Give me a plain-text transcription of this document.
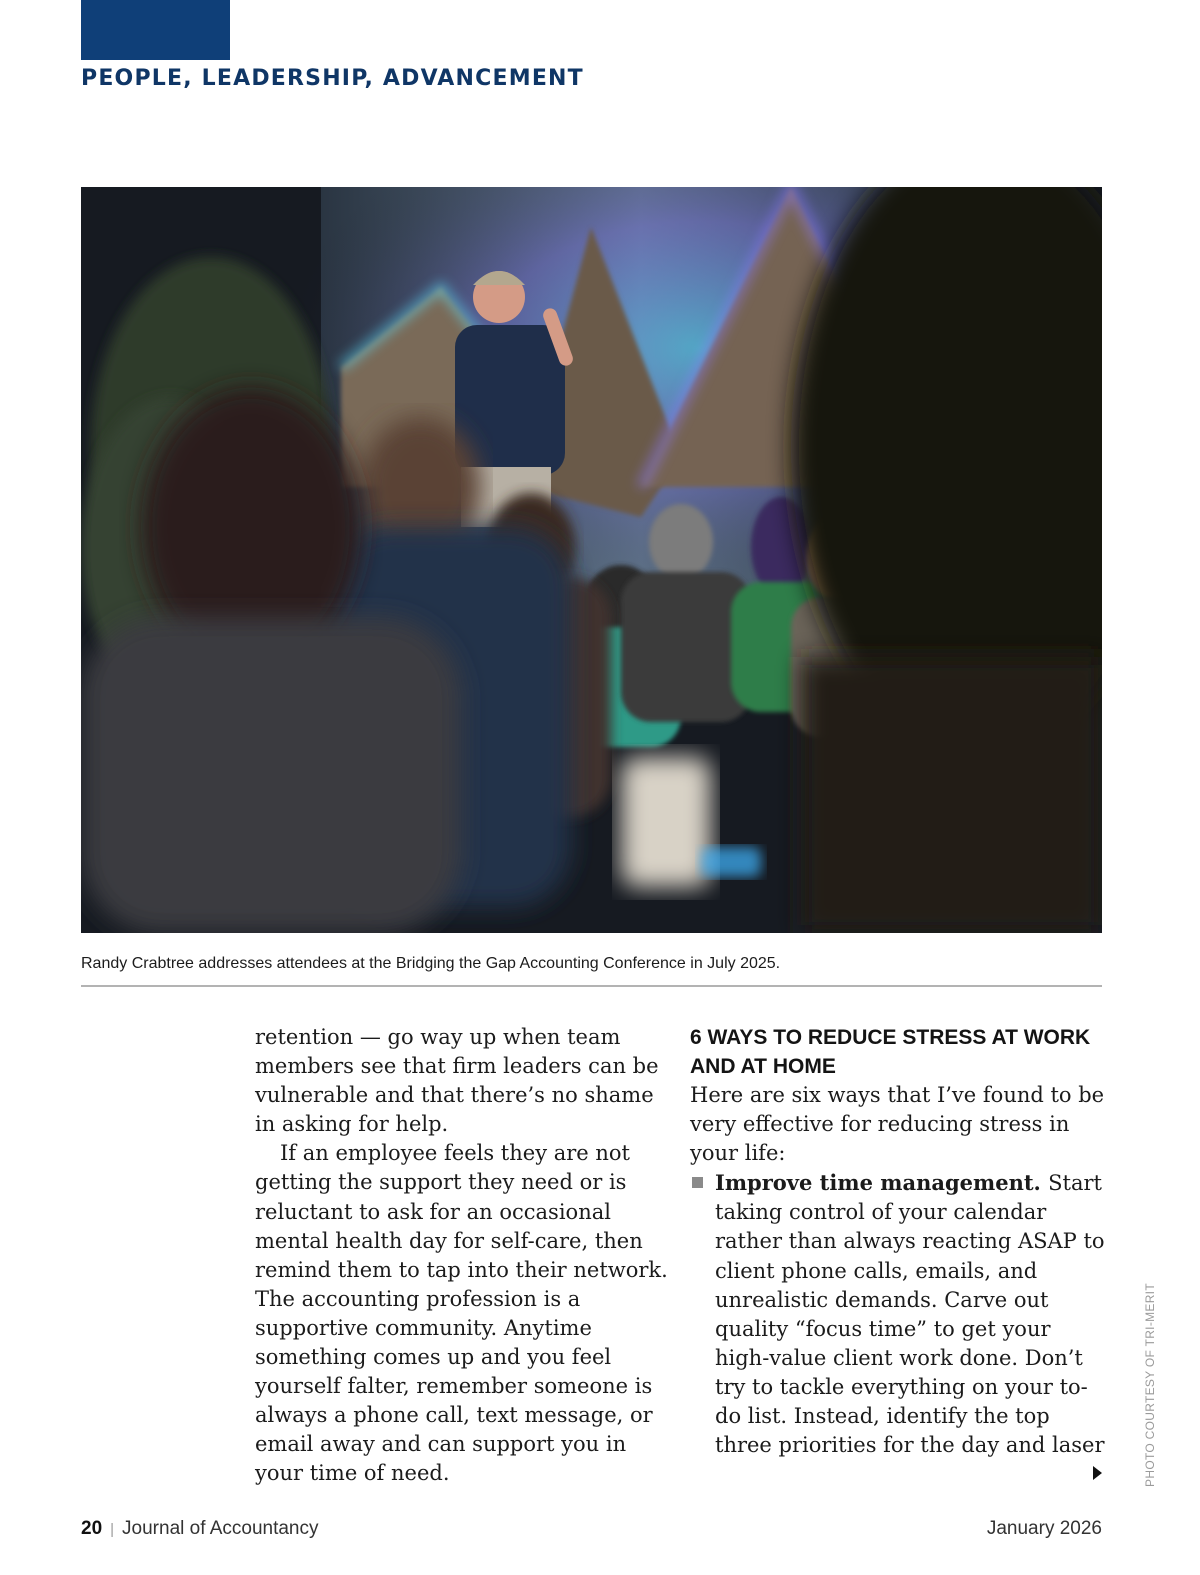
PEOPLE, LEADERSHIP, ADVANCEMENT
Randy Crabtree addresses attendees at the Bridging the Gap Accounting Conference in July 2025.

retention — go way up when team members see that firm leaders can be vulnerable and that there’s no shame in asking for help.

If an employee feels they are not getting the support they need or is reluctant to ask for an occasional mental health day for self-care, then remind them to tap into their network. The accounting profession is a supportive community. Anytime something comes up and you feel yourself falter, remember someone is always a phone call, text message, or email away and can support you in your time of need.

6 WAYS TO REDUCE STRESS AT WORK AND AT HOME

Here are six ways that I’ve found to be very effective for reducing stress in your life:

Improve time management. Start taking control of your calendar rather than always reacting ASAP to client phone calls, emails, and unrealistic demands. Carve out quality “focus time” to get your high-value client work done. Don’t try to tackle everything on your to-do list. Instead, identify the top three priorities for the day and laser	PHOTO COURTESY OF TRI-MERIT
20 | Journal of Accountancy	January 2026
